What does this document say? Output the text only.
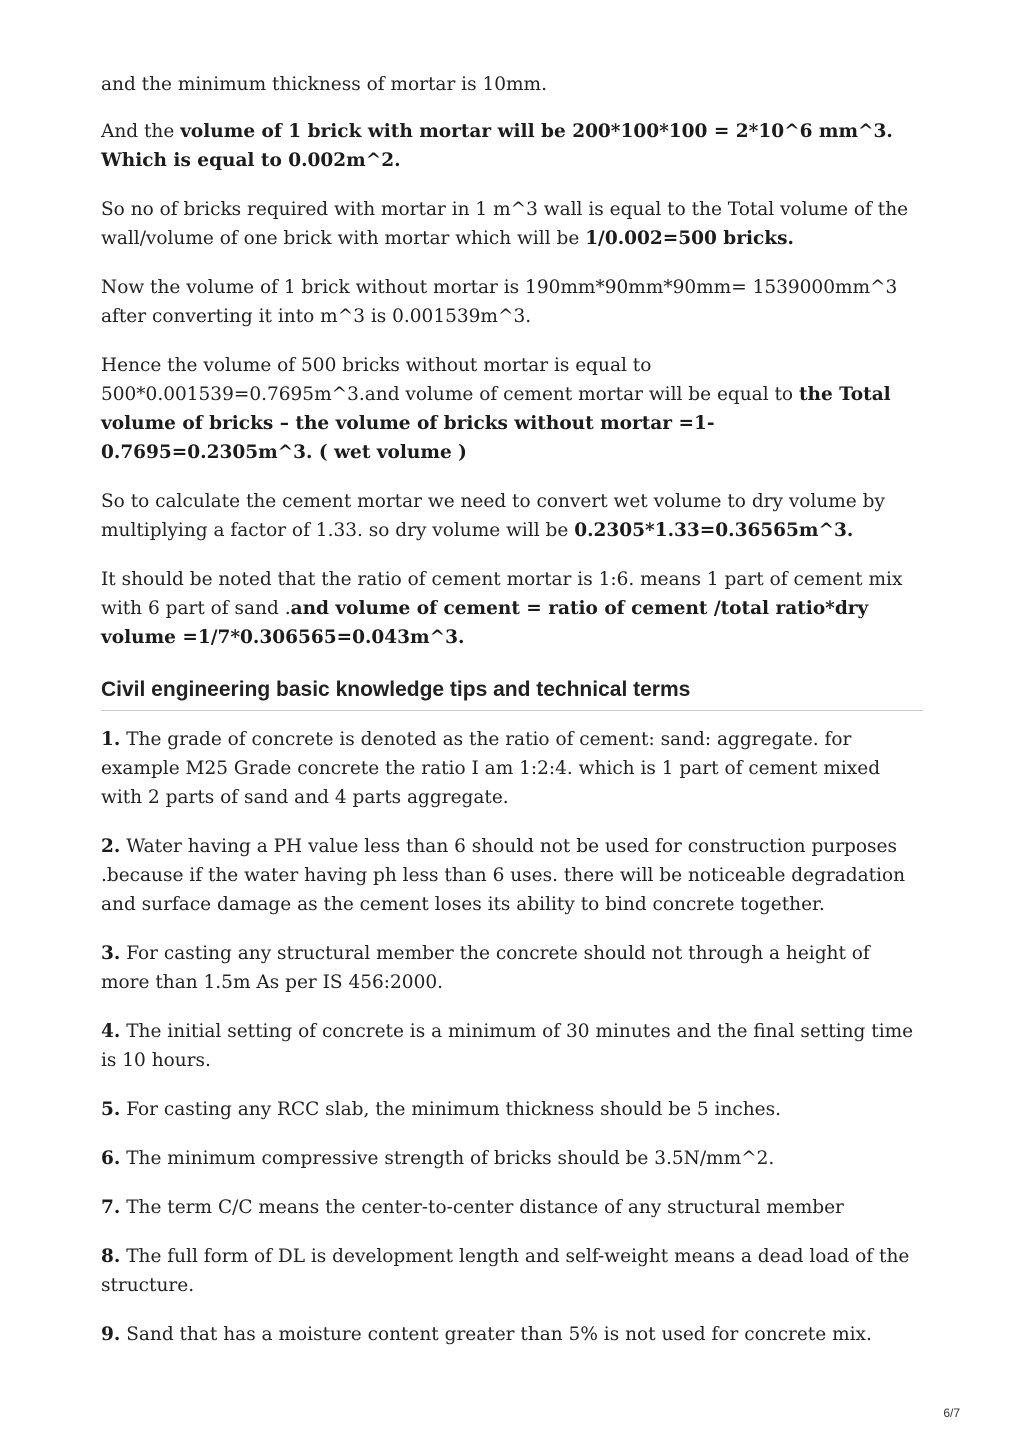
and the minimum thickness of mortar is 10mm.

And the volume of 1 brick with mortar will be 200*100*100 = 2*10^6 mm^3. Which is equal to 0.002m^2.

So no of bricks required with mortar in 1 m^3 wall is equal to the Total volume of the wall/volume of one brick with mortar which will be 1/0.002=500 bricks.

Now the volume of 1 brick without mortar is 190mm*90mm*90mm= 1539000mm^3 after converting it into m^3 is 0.001539m^3.

Hence the volume of 500 bricks without mortar is equal to 500*0.001539=0.7695m^3.and volume of cement mortar will be equal to the Total volume of bricks – the volume of bricks without mortar =1-0.7695=0.2305m^3. ( wet volume )

So to calculate the cement mortar we need to convert wet volume to dry volume by multiplying a factor of 1.33. so dry volume will be 0.2305*1.33=0.36565m^3.

It should be noted that the ratio of cement mortar is 1:6. means 1 part of cement mix with 6 part of sand .and volume of cement = ratio of cement /total ratio*dry volume =1/7*0.306565=0.043m^3.

Civil engineering basic knowledge tips and technical terms

1. The grade of concrete is denoted as the ratio of cement: sand: aggregate. for example M25 Grade concrete the ratio I am 1:2:4. which is 1 part of cement mixed with 2 parts of sand and 4 parts aggregate.

2. Water having a PH value less than 6 should not be used for construction purposes .because if the water having ph less than 6 uses. there will be noticeable degradation and surface damage as the cement loses its ability to bind concrete together.

3. For casting any structural member the concrete should not through a height of more than 1.5m As per IS 456:2000.

4. The initial setting of concrete is a minimum of 30 minutes and the final setting time is 10 hours.

5. For casting any RCC slab, the minimum thickness should be 5 inches.

6. The minimum compressive strength of bricks should be 3.5N/mm^2.

7. The term C/C means the center-to-center distance of any structural member

8. The full form of DL is development length and self-weight means a dead load of the structure.

9. Sand that has a moisture content greater than 5% is not used for concrete mix.

6/7
